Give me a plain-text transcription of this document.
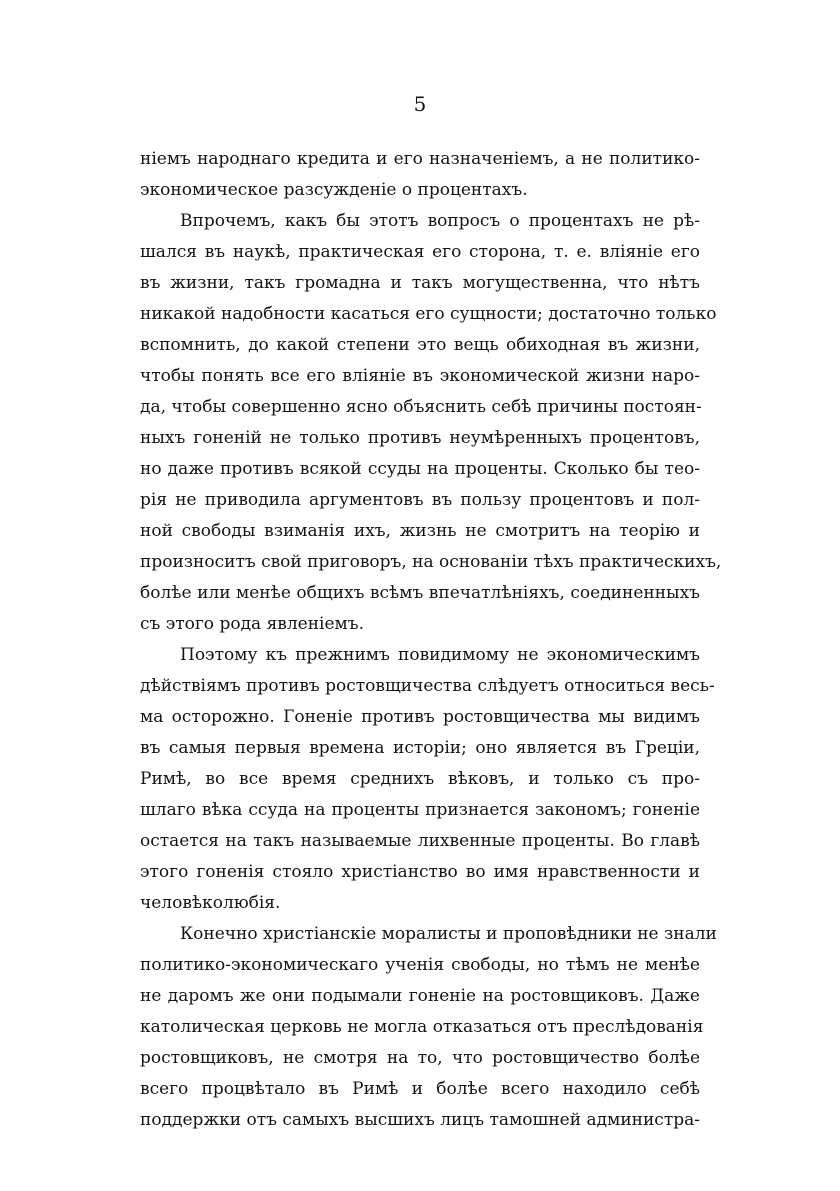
5
нiемъ народнаго кредита и его назначенiемъ, а не политико-
экономическое разсужденiе о процентахъ.
Впрочемъ, какъ бы этотъ вопросъ о процентахъ не рѣ-
шался въ наукѣ, практическая его сторона, т. е. влiянiе его
въ жизни, такъ громадна и такъ могущественна, что нѣтъ
никакой надобности касаться его сущности; достаточно только
вспомнить, до какой степени это вещь обиходная въ жизни,
чтобы понять все его влiянiе въ экономической жизни наро-
да, чтобы совершенно ясно объяснить себѣ причины постоян-
ныхъ гоненiй не только противъ неумѣренныхъ процентовъ,
но даже противъ всякой ссуды на проценты. Сколько бы тео-
рiя не приводила аргументовъ въ пользу процентовъ и пол-
ной свободы взиманiя ихъ, жизнь не смотритъ на теорiю и
произноситъ свой приговоръ, на основанiи тѣхъ практическихъ,
болѣе или менѣе общихъ всѣмъ впечатлѣнiяхъ, соединенныхъ
съ этого рода явленiемъ.
Поэтому къ прежнимъ повидимому не экономическимъ
дѣйствiямъ противъ ростовщичества слѣдуетъ относиться весь-
ма осторожно. Гоненiе противъ ростовщичества мы видимъ
въ самыя первыя времена исторiи; оно является въ Грецiи,
Римѣ, во все время среднихъ вѣковъ, и только съ про-
шлаго вѣка ссуда на проценты признается закономъ; гоненiе
остается на такъ называемые лихвенные проценты. Во главѣ
этого гоненiя стояло христiанство во имя нравственности и
человѣколюбiя.
Конечно христiанскiе моралисты и проповѣдники не знали
политико-экономическаго ученiя свободы, но тѣмъ не менѣе
не даромъ же они подымали гоненiе на ростовщиковъ. Даже
католическая церковь не могла отказаться отъ преслѣдованiя
ростовщиковъ, не смотря на то, что ростовщичество болѣе
всего процвѣтало въ Римѣ и болѣе всего находило себѣ
поддержки отъ самыхъ высшихъ лицъ тамошней администра-
